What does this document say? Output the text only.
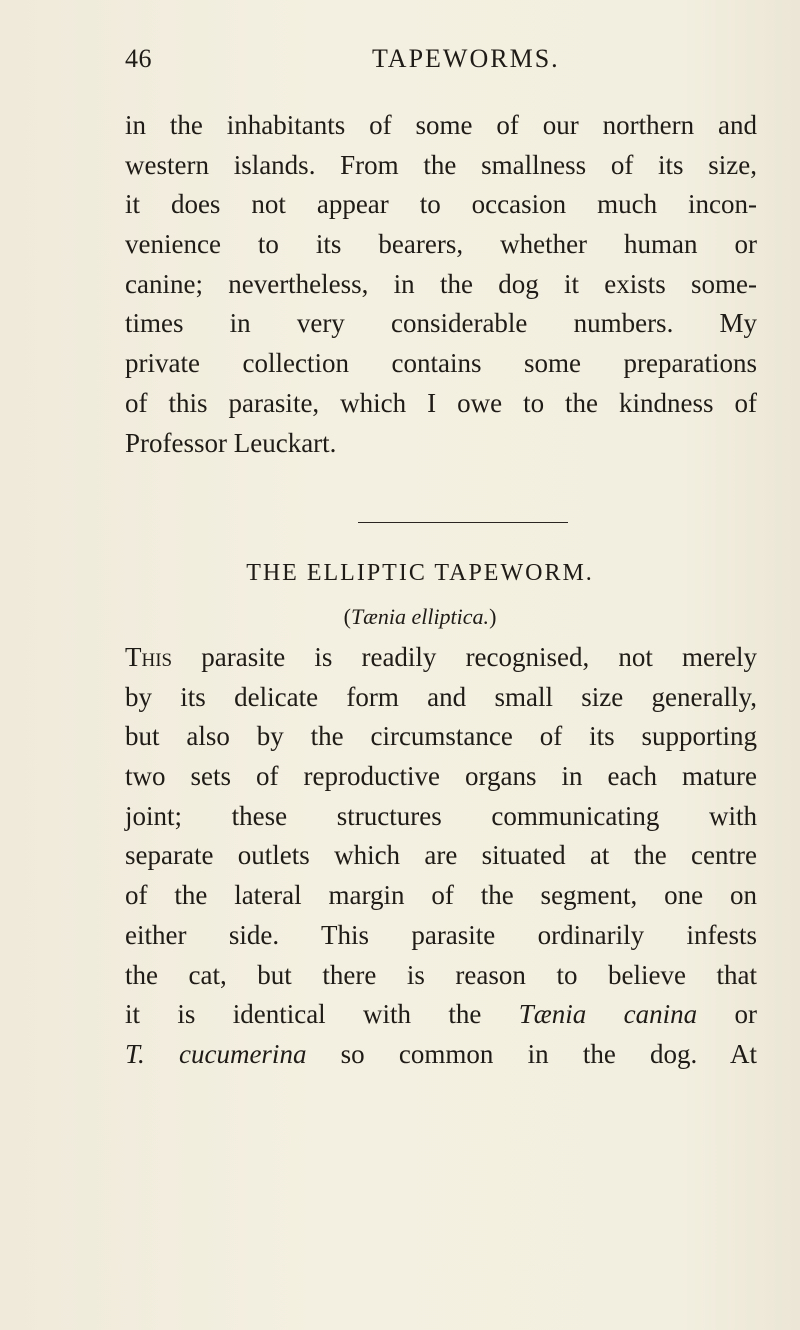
46	TAPEWORMS.
in the inhabitants of some of our northern and
western islands. From the smallness of its size,
it does not appear to occasion much incon-
venience to its bearers, whether human or
canine; nevertheless, in the dog it exists some-
times in very considerable numbers. My
private collection contains some preparations
of this parasite, which I owe to the kindness of
Professor Leuckart.
THE ELLIPTIC TAPEWORM.
(Tænia elliptica.)
This parasite is readily recognised, not merely
by its delicate form and small size generally,
but also by the circumstance of its supporting
two sets of reproductive organs in each mature
joint; these structures communicating with
separate outlets which are situated at the centre
of the lateral margin of the segment, one on
either side. This parasite ordinarily infests
the cat, but there is reason to believe that
it is identical with the Tænia canina or
T. cucumerina so common in the dog. At
